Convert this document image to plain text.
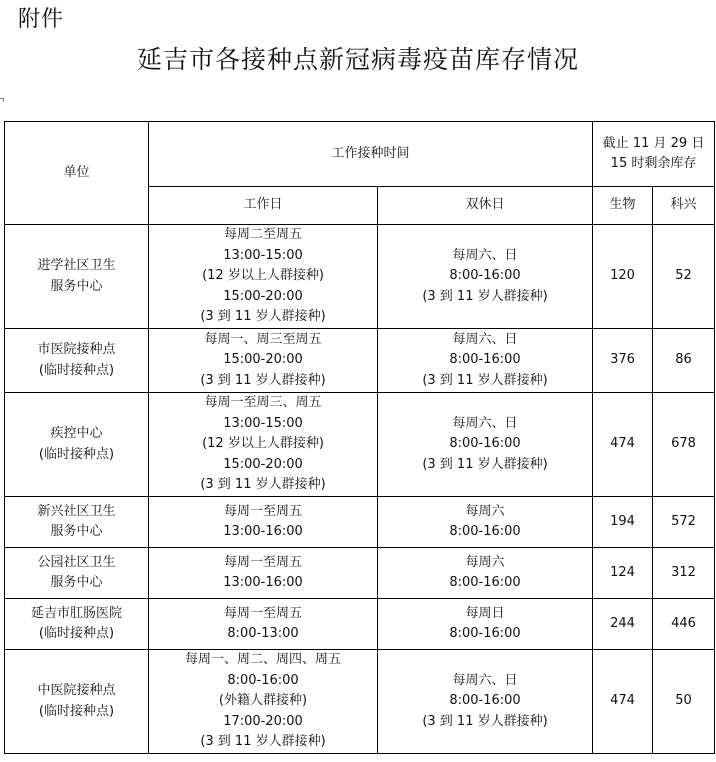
附件
延吉市各接种点新冠病毒疫苗库存情况
单位	工作接种时间		截止 11 月 29 日
15 时剩余库存	

	工作日	双休日	生物	科兴

进学社区卫生
服务中心	每周二至周五
13:00-15:00
(12 岁以上人群接种)
15:00-20:00
(3 到 11 岁人群接种)	每周六、日
8:00-16:00
(3 到 11 岁人群接种)	120	52

市医院接种点
(临时接种点)	每周一、周三至周五
15:00-20:00
(3 到 11 岁人群接种)	每周六、日
8:00-16:00
(3 到 11 岁人群接种)	376	86

疾控中心
(临时接种点)	每周一至周三、周五
13:00-15:00
(12 岁以上人群接种)
15:00-20:00
(3 到 11 岁人群接种)	每周六、日
8:00-16:00
(3 到 11 岁人群接种)	474	678

新兴社区卫生
服务中心	每周一至周五
13:00-16:00	每周六
8:00-16:00	194	572

公园社区卫生
服务中心	每周一至周五
13:00-16:00	每周六
8:00-16:00	124	312

延吉市肛肠医院
(临时接种点)	每周一至周五
8:00-13:00	每周日
8:00-16:00	244	446

中医院接种点
(临时接种点)	每周一、周二、周四、周五
8:00-16:00
(外籍人群接种)
17:00-20:00
(3 到 11 岁人群接种)	每周六、日
8:00-16:00
(3 到 11 岁人群接种)	474	50
